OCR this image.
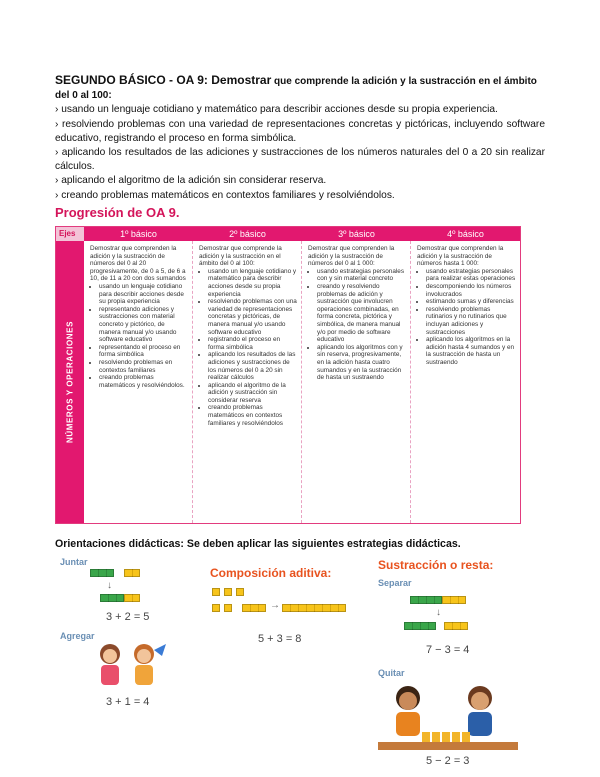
SEGUNDO BÁSICO - OA 9: Demostrar que comprende la adición y la sustracción en el ámbito del 0 al 100:
› usando un lenguaje cotidiano y matemático para describir acciones desde su propia experiencia.
› resolviendo problemas con una variedad de representaciones concretas y pictóricas, incluyendo software educativo, registrando el proceso en forma simbólica.
› aplicando los resultados de las adiciones y sustracciones de los números naturales del 0 a 20 sin realizar cálculos.
› aplicando el algoritmo de la adición sin considerar reserva.
› creando problemas matemáticos en contextos familiares y resolviéndolos.
Progresión de OA 9.
Ejes	1º básico	2º básico	3º básico	4º básico
NÚMEROS Y OPERACIONES
Demostrar que comprenden la adición y la sustracción de números del 0 al 20 progresivamente, de 0 a 5, de 6 a 10, de 11 a 20 con dos sumandos
• usando un lenguaje cotidiano para describir acciones desde su propia experiencia
• representando adiciones y sustracciones con material concreto y pictórico, de manera manual y/o usando software educativo
• representando el proceso en forma simbólica
• resolviendo problemas en contextos familiares
• creando problemas matemáticos y resolviéndolos.
Demostrar que comprende la adición y la sustracción en el ámbito del 0 al 100:
• usando un lenguaje cotidiano y matemático para describir acciones desde su propia experiencia
• resolviendo problemas con una variedad de representaciones concretas y pictóricas, de manera manual y/o usando software educativo
• registrando el proceso en forma simbólica
• aplicando los resultados de las adiciones y sustracciones de los números del 0 a 20 sin realizar cálculos
• aplicando el algoritmo de la adición y sustracción sin considerar reserva
• creando problemas matemáticos en contextos familiares y resolviéndolos
Demostrar que comprenden la adición y la sustracción de números del 0 al 1 000:
• usando estrategias personales con y sin material concreto
• creando y resolviendo problemas de adición y sustracción que involucren operaciones combinadas, en forma concreta, pictórica y simbólica, de manera manual y/o por medio de software educativo
• aplicando los algoritmos con y sin reserva, progresivamente, en la adición hasta cuatro sumandos y en la sustracción de hasta un sustraendo
Demostrar que comprenden la adición y la sustracción de números hasta 1 000:
• usando estrategias personales para realizar estas operaciones
• descomponiendo los números involucrados
• estimando sumas y diferencias
• resolviendo problemas rutinarios y no rutinarios que incluyan adiciones y sustracciones
• aplicando los algoritmos en la adición hasta 4 sumandos y en la sustracción de hasta un sustraendo
Orientaciones didácticas: Se deben aplicar las siguientes estrategias didácticas.
Juntar
↓
3 + 2 = 5
Agregar
3 + 1 = 4
Composición aditiva:
→
5 + 3 = 8
Sustracción o resta:
Separar
↓
7 − 3 = 4
Quitar
5 − 2 = 3
